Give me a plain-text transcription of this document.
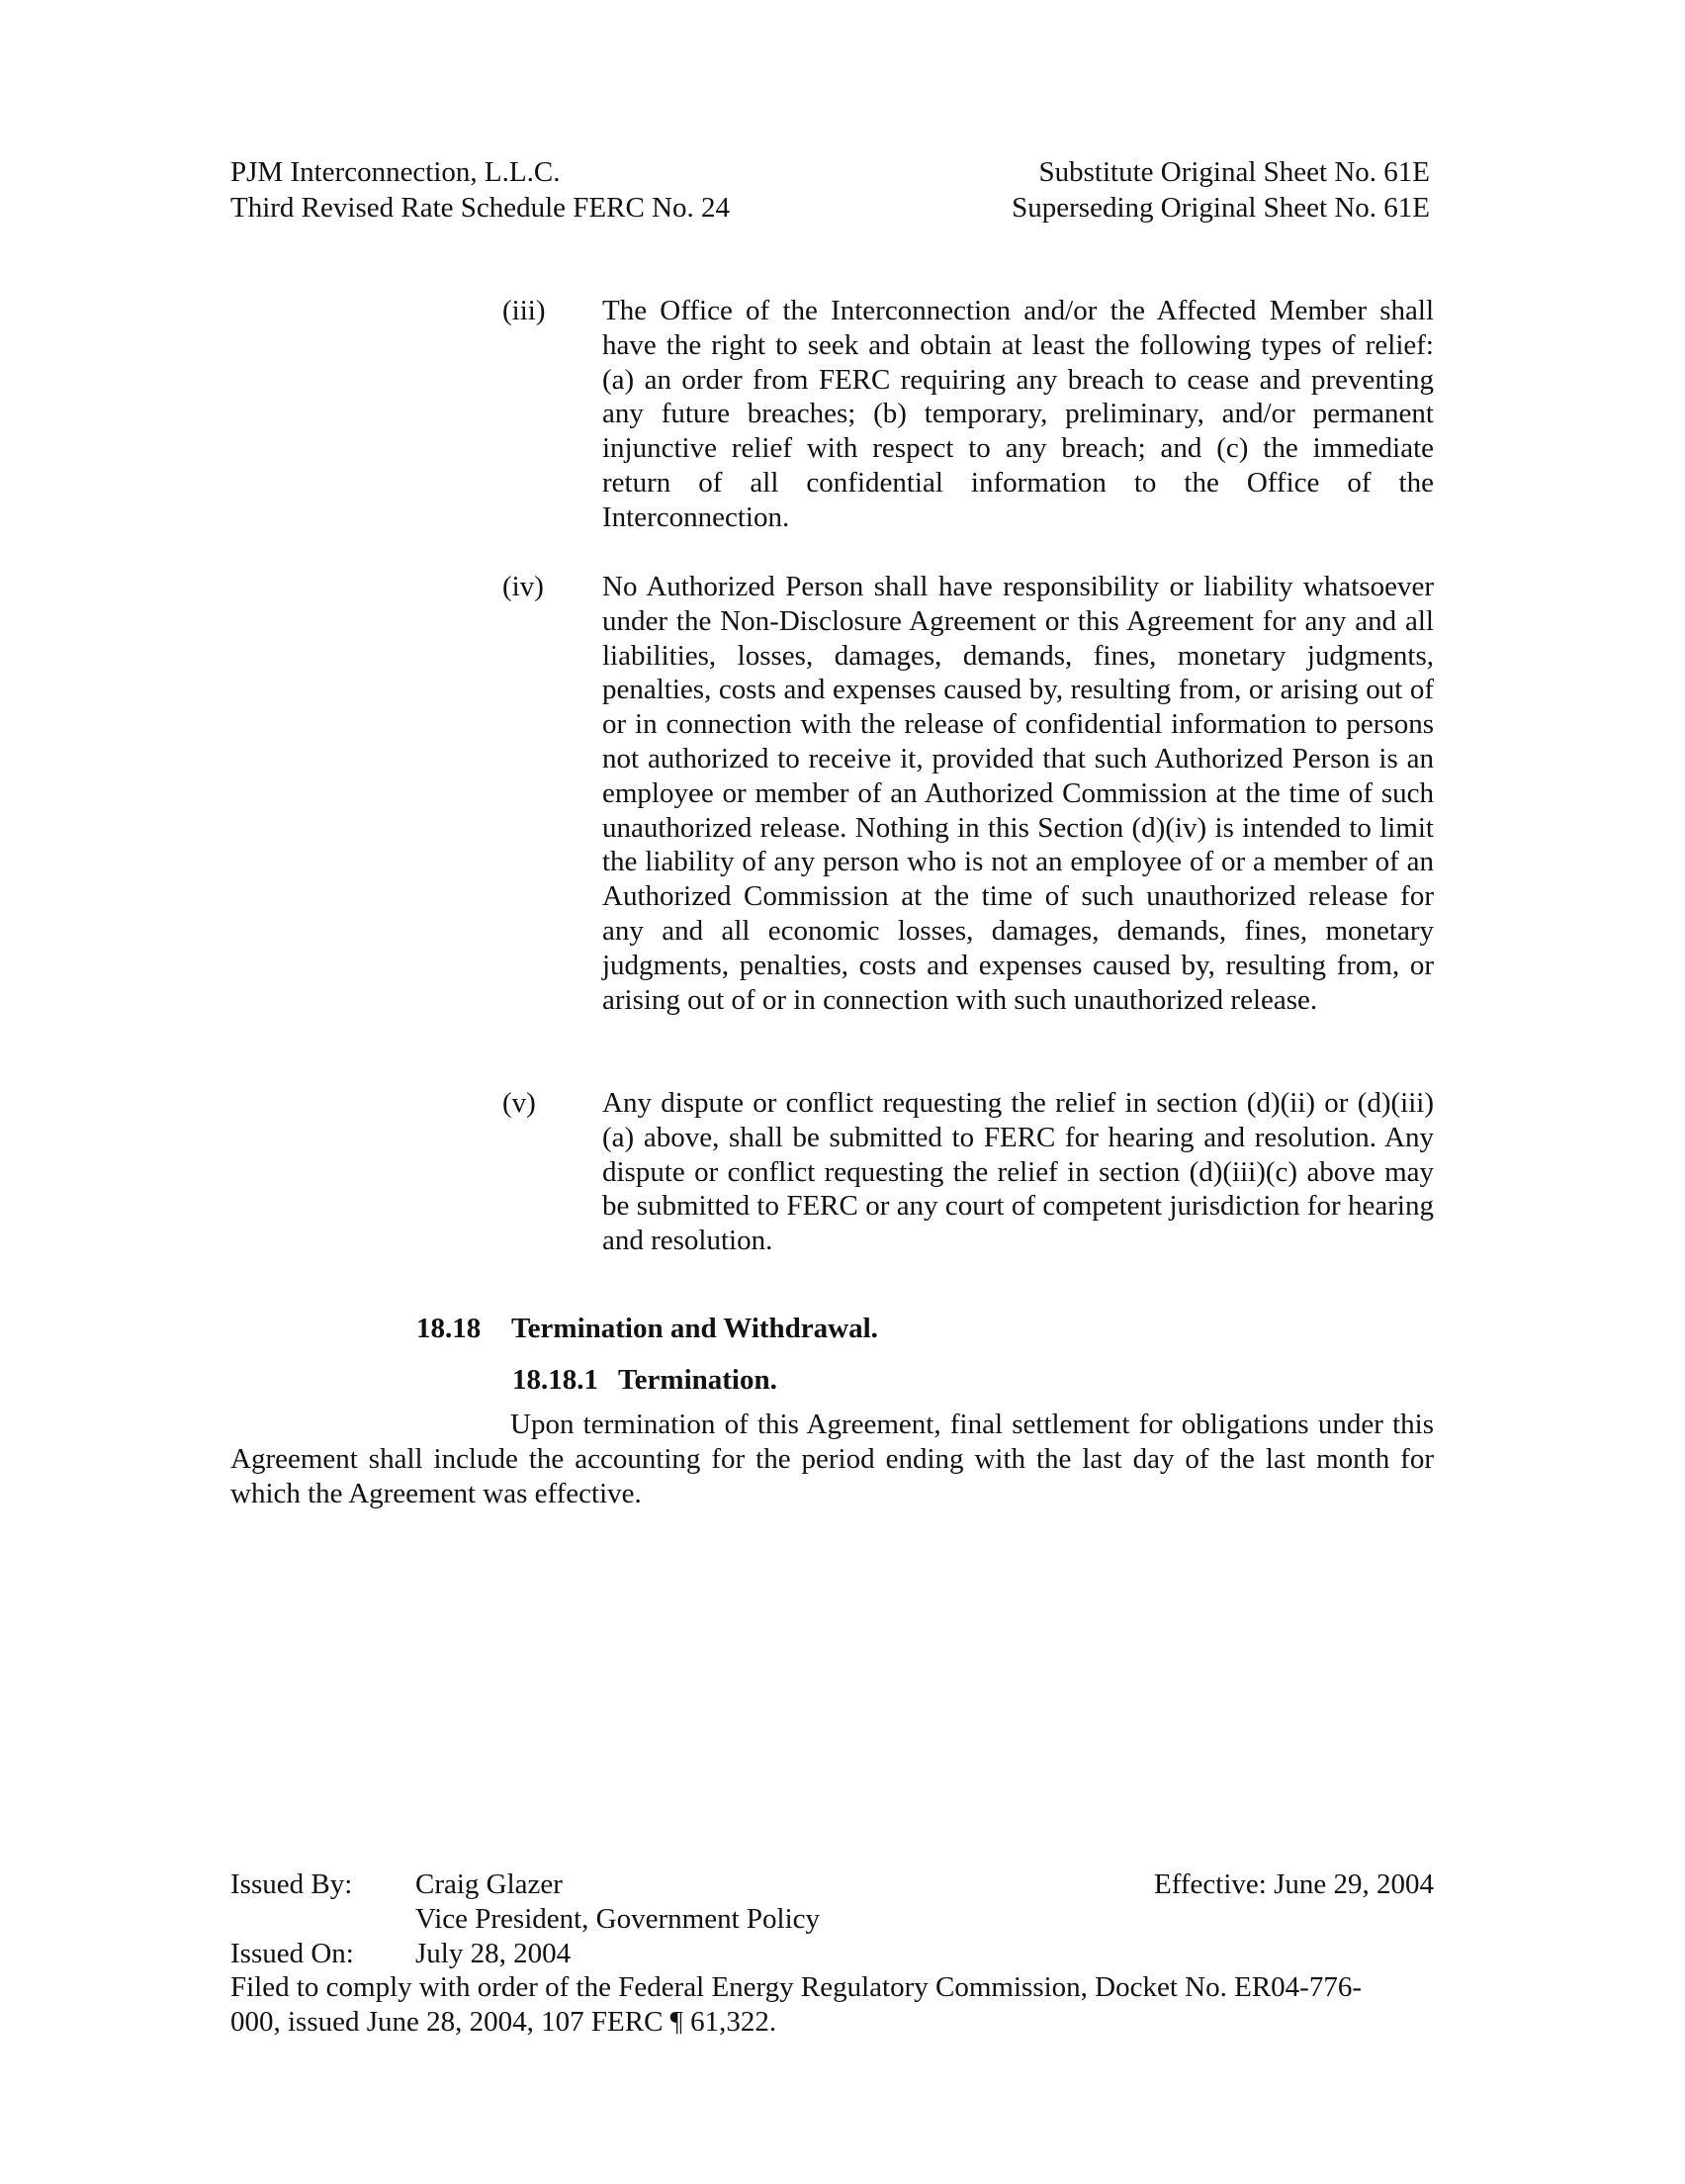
PJM Interconnection, L.L.C.
Third Revised Rate Schedule FERC No. 24
Substitute Original Sheet No. 61E
Superseding Original Sheet No. 61E
(iii) The Office of the Interconnection and/or the Affected Member shall have the right to seek and obtain at least the following types of relief: (a) an order from FERC requiring any breach to cease and preventing any future breaches; (b) temporary, preliminary, and/or permanent injunctive relief with respect to any breach; and (c) the immediate return of all confidential information to the Office of the Interconnection.
(iv) No Authorized Person shall have responsibility or liability whatsoever under the Non-Disclosure Agreement or this Agreement for any and all liabilities, losses, damages, demands, fines, monetary judgments, penalties, costs and expenses caused by, resulting from, or arising out of or in connection with the release of confidential information to persons not authorized to receive it, provided that such Authorized Person is an employee or member of an Authorized Commission at the time of such unauthorized release. Nothing in this Section (d)(iv) is intended to limit the liability of any person who is not an employee of or a member of an Authorized Commission at the time of such unauthorized release for any and all economic losses, damages, demands, fines, monetary judgments, penalties, costs and expenses caused by, resulting from, or arising out of or in connection with such unauthorized release.
(v) Any dispute or conflict requesting the relief in section (d)(ii) or (d)(iii)(a) above, shall be submitted to FERC for hearing and resolution. Any dispute or conflict requesting the relief in section (d)(iii)(c) above may be submitted to FERC or any court of competent jurisdiction for hearing and resolution.
18.18 Termination and Withdrawal.
18.18.1 Termination.
Upon termination of this Agreement, final settlement for obligations under this Agreement shall include the accounting for the period ending with the last day of the last month for which the Agreement was effective.
Issued By: Craig Glazer	Effective: June 29, 2004
Vice President, Government Policy
Issued On: July 28, 2004
Filed to comply with order of the Federal Energy Regulatory Commission, Docket No. ER04-776-
000, issued June 28, 2004, 107 FERC ¶ 61,322.
